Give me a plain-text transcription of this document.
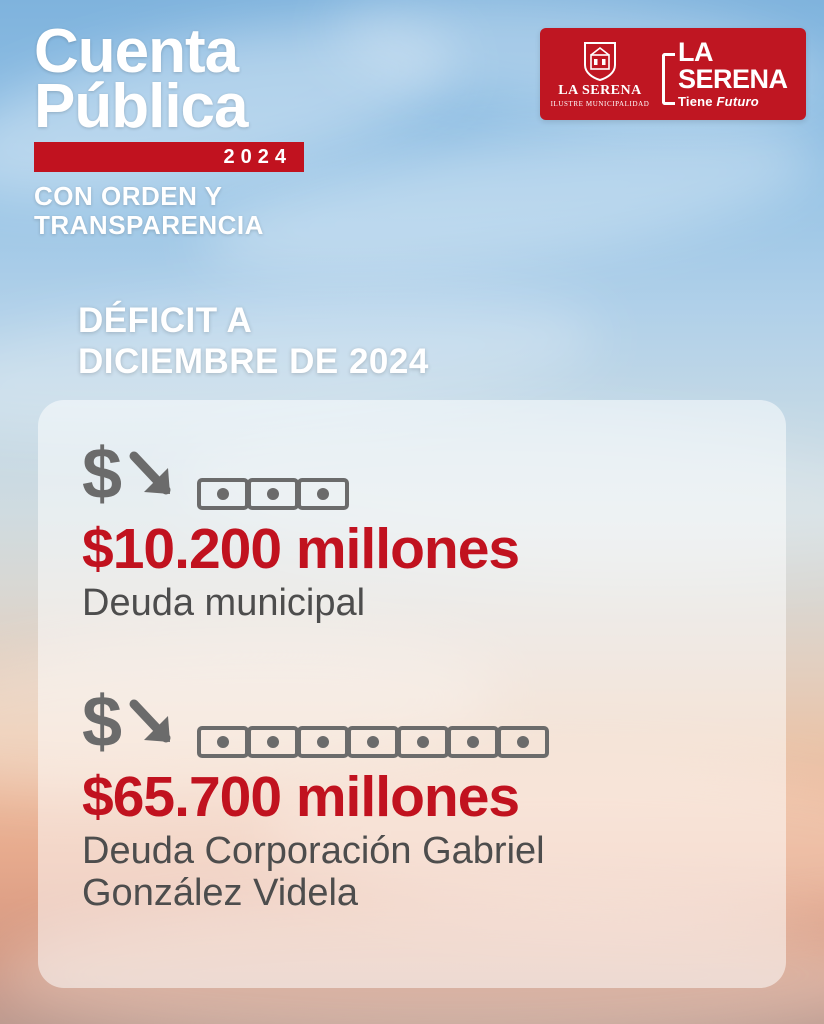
Cuenta
Pública
2024
CON ORDEN Y
TRANSPARENCIA
LA SERENA
ILUSTRE MUNICIPALIDAD
LA SERENA
Tiene Futuro
DÉFICIT A
DICIEMBRE DE 2024
$
$10.200 millones
Deuda municipal
$
$65.700 millones
Deuda Corporación Gabriel
González Videla
